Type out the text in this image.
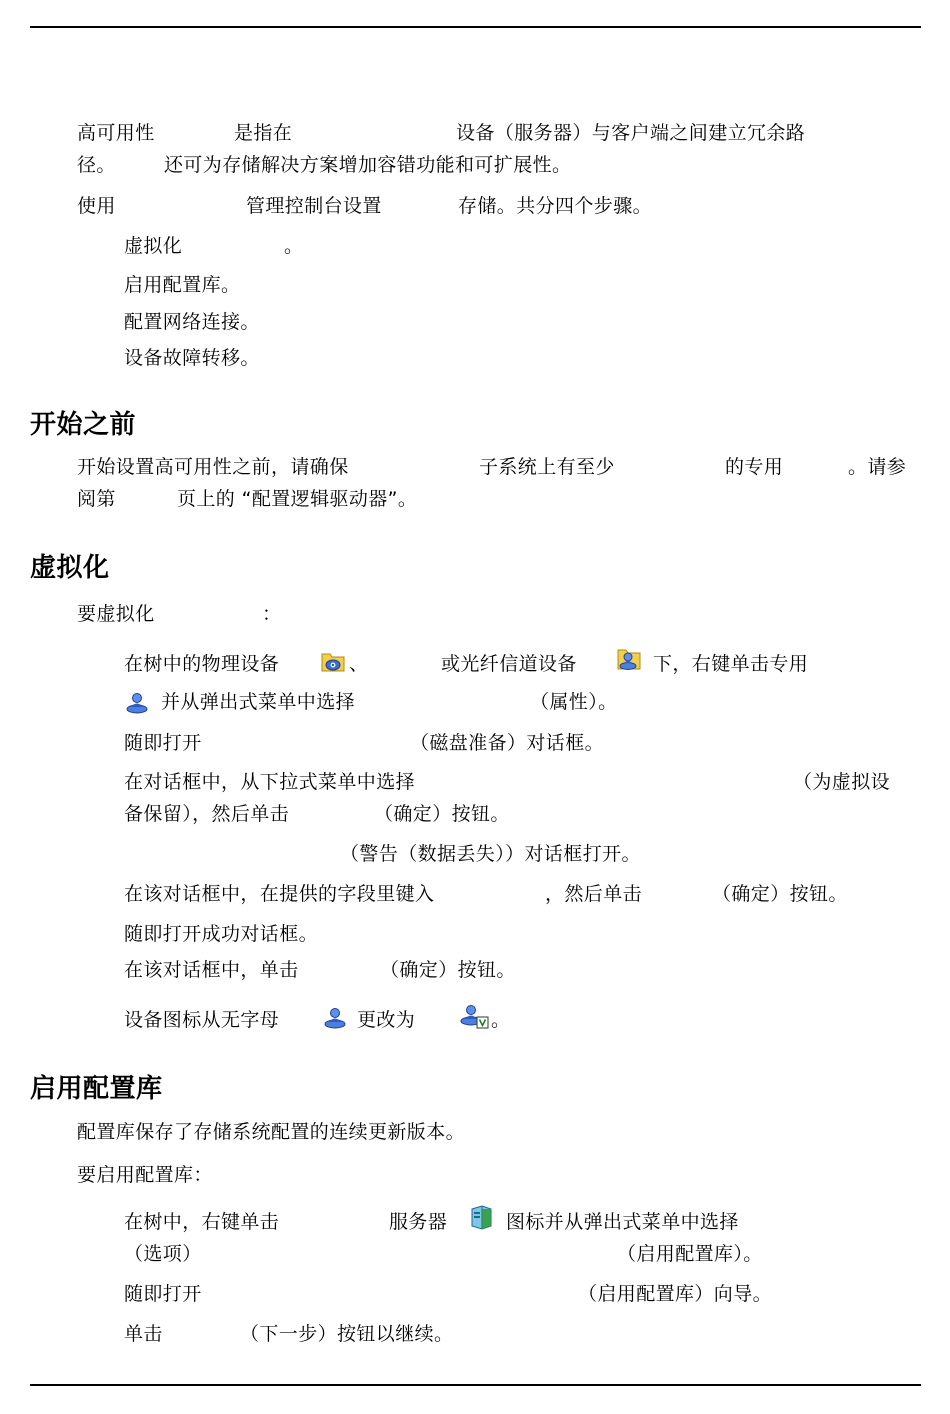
高可用性	是指在	设备（服务器）与客户端之间建立冗余路
径。	还可为存储解决方案增加容错功能和可扩展性。
使用	管理控制台设置	存储。共分四个步骤。
虚拟化	。
启用配置库。
配置网络连接。
设备故障转移。
开始之前
开始设置高可用性之前，请确保	子系统上有至少	的专用	。请参
阅第	页上的 “配置逻辑驱动器”。
虚拟化
要虚拟化	：
在树中的物理设备	、	或光纤信道设备	下，右键单击专用
并从弹出式菜单中选择	（属性）。
随即打开	（磁盘准备）对话框。
在对话框中，从下拉式菜单中选择	（为虚拟设
备保留），然后单击	（确定）按钮。
（警告（数据丢失））对话框打开。
在该对话框中，在提供的字段里键入	，然后单击	（确定）按钮。
随即打开成功对话框。
在该对话框中，单击	（确定）按钮。
设备图标从无字母	更改为	。
启用配置库
配置库保存了存储系统配置的连续更新版本。
要启用配置库：
在树中，右键单击	服务器	图标并从弹出式菜单中选择
（选项）	（启用配置库）。
随即打开	（启用配置库）向导。
单击	（下一步）按钮以继续。
